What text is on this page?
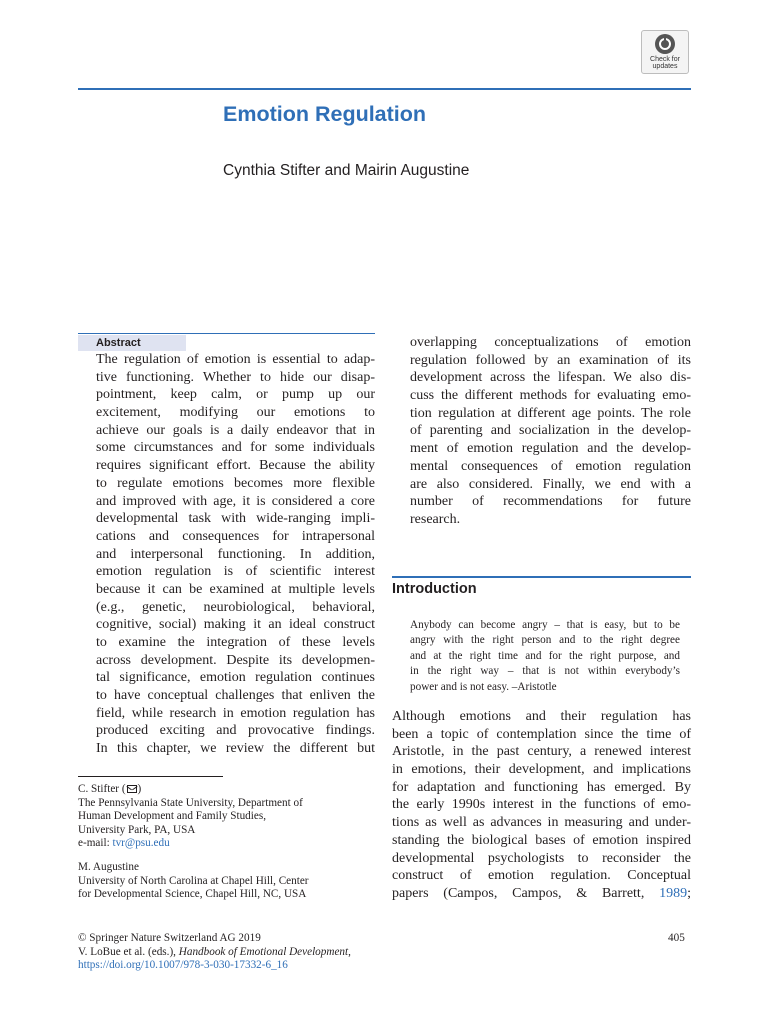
Check for
updates
Emotion Regulation
Cynthia Stifter and Mairin Augustine
Abstract
The regulation of emotion is essential to adap-
tive functioning. Whether to hide our disap-
pointment, keep calm, or pump up our
excitement, modifying our emotions to
achieve our goals is a daily endeavor that in
some circumstances and for some individuals
requires significant effort. Because the ability
to regulate emotions becomes more flexible
and improved with age, it is considered a core
developmental task with wide-ranging impli-
cations and consequences for intrapersonal
and interpersonal functioning. In addition,
emotion regulation is of scientific interest
because it can be examined at multiple levels
(e.g., genetic, neurobiological, behavioral,
cognitive, social) making it an ideal construct
to examine the integration of these levels
across development. Despite its developmen-
tal significance, emotion regulation continues
to have conceptual challenges that enliven the
field, while research in emotion regulation has
produced exciting and provocative findings.
In this chapter, we review the different but
overlapping conceptualizations of emotion
regulation followed by an examination of its
development across the lifespan. We also dis-
cuss the different methods for evaluating emo-
tion regulation at different age points. The role
of parenting and socialization in the develop-
ment of emotion regulation and the develop-
mental consequences of emotion regulation
are also considered. Finally, we end with a
number of recommendations for future
research.
Introduction
Anybody can become angry – that is easy, but to be
angry with the right person and to the right degree
and at the right time and for the right purpose, and
in the right way – that is not within everybody’s
power and is not easy. –Aristotle
Although emotions and their regulation has
been a topic of contemplation since the time of
Aristotle, in the past century, a renewed interest
in emotions, their development, and implications
for adaptation and functioning has emerged. By
the early 1990s interest in the functions of emo-
tions as well as advances in measuring and under-
standing the biological bases of emotion inspired
developmental psychologists to reconsider the
construct of emotion regulation. Conceptual
papers (Campos, Campos, & Barrett, 1989;
C. Stifter ( )
The Pennsylvania State University, Department of
Human Development and Family Studies,
University Park, PA, USA
e-mail: tvr@psu.edu
M. Augustine
University of North Carolina at Chapel Hill, Center
for Developmental Science, Chapel Hill, NC, USA
© Springer Nature Switzerland AG 2019
V. LoBue et al. (eds.), Handbook of Emotional Development,
https://doi.org/10.1007/978-3-030-17332-6_16
405
